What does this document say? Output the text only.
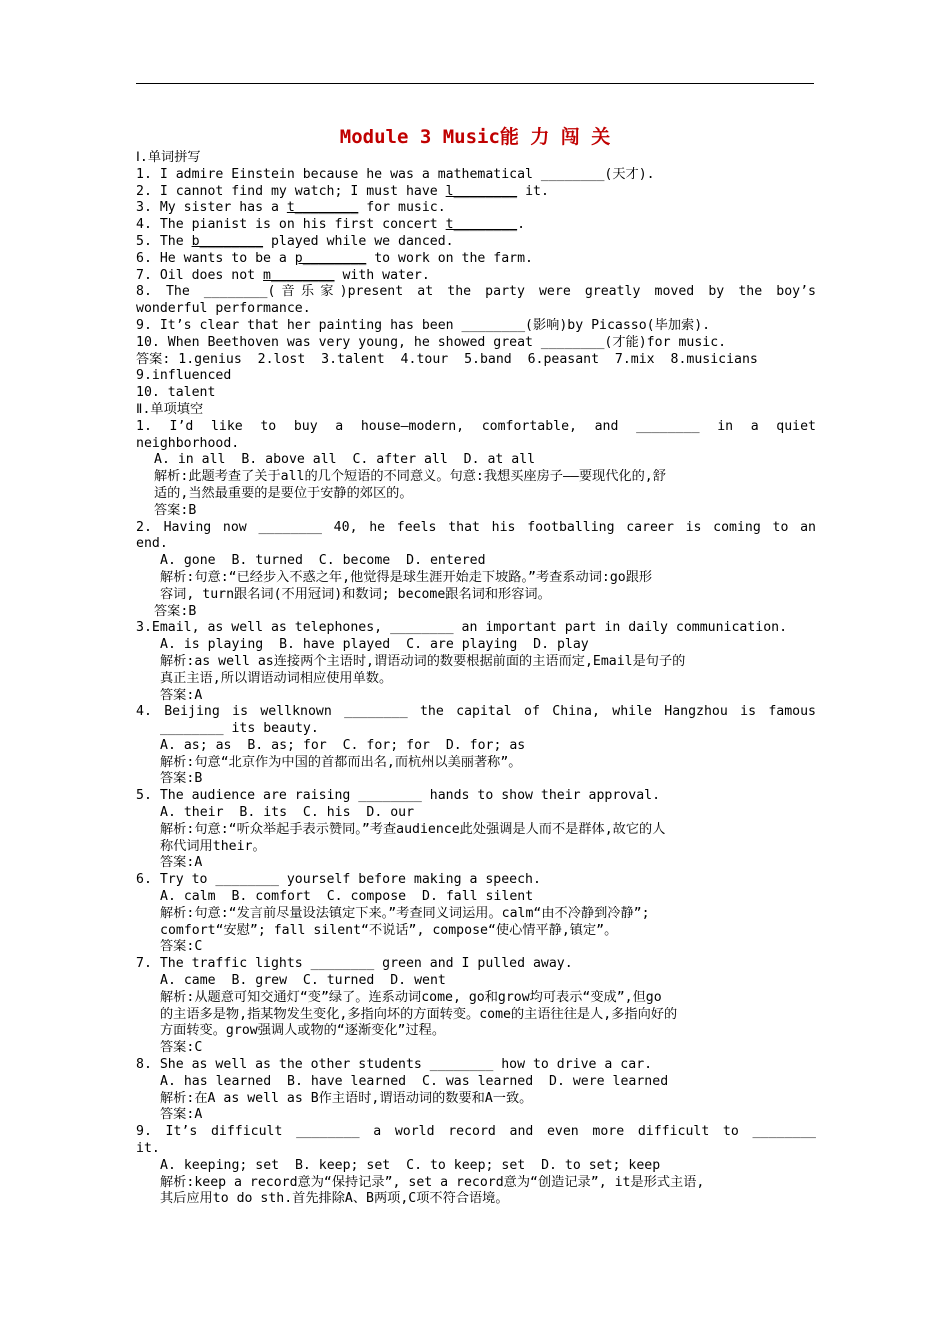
Module 3 Music能 力 闯 关
Ⅰ.单词拼写
1. I admire Einstein because he was a mathematical ________(天才).
2. I cannot find my watch; I must have l________ it.
3. My sister has a t________ for music.
4. The pianist is on his first concert t________.
5. The b________ played while we danced.
6. He wants to be a p________ to work on the farm.
7. Oil does not m________ with water.
8. The ________(音乐家)present at the party were greatly moved by the boy’s
wonderful performance.
9. It’s clear that her painting has been ________(影响)by Picasso(毕加索).
10. When Beethoven was very young, he showed great ________(才能)for music.
答案: 1.genius  2.lost  3.talent  4.tour  5.band  6.peasant  7.mix  8.musicians
9.influenced
10. talent
Ⅱ.单项填空
1. I’d like to buy a house—modern, comfortable, and ________ in a quiet
neighborhood.
A. in all  B. above all  C. after all  D. at all
解析:此题考查了关于all的几个短语的不同意义。句意:我想买座房子——要现代化的,舒
适的,当然最重要的是要位于安静的郊区的。
答案:B
2. Having now ________ 40, he feels that his footballing career is coming to an
end.
A. gone  B. turned  C. become  D. entered
解析:句意:“已经步入不惑之年,他觉得是球生涯开始走下坡路。”考查系动词:go跟形
容词, turn跟名词(不用冠词)和数词; become跟名词和形容词。
答案:B
3.Email, as well as telephones, ________ an important part in daily communication.
A. is playing  B. have played  C. are playing  D. play
解析:as well as连接两个主语时,谓语动词的数要根据前面的主语而定,Email是句子的
真正主语,所以谓语动词相应使用单数。
答案:A
4. Beijing is wellknown ________ the capital of China, while Hangzhou is famous
________ its beauty.
A. as; as  B. as; for  C. for; for  D. for; as
解析:句意“北京作为中国的首都而出名,而杭州以美丽著称”。
答案:B
5. The audience are raising ________ hands to show their approval.
A. their  B. its  C. his  D. our
解析:句意:“听众举起手表示赞同。”考查audience此处强调是人而不是群体,故它的人
称代词用their。
答案:A
6. Try to ________ yourself before making a speech.
A. calm  B. comfort  C. compose  D. fall silent
解析:句意:“发言前尽量设法镇定下来。”考查同义词运用。calm“由不冷静到冷静”;
comfort“安慰”; fall silent“不说话”, compose“使心情平静,镇定”。
答案:C
7. The traffic lights ________ green and I pulled away.
A. came  B. grew  C. turned  D. went
解析:从题意可知交通灯“变”绿了。连系动词come, go和grow均可表示“变成”,但go
的主语多是物,指某物发生变化,多指向坏的方面转变。come的主语往往是人,多指向好的
方面转变。grow强调人或物的“逐渐变化”过程。
答案:C
8. She as well as the other students ________ how to drive a car.
A. has learned  B. have learned  C. was learned  D. were learned
解析:在A as well as B作主语时,谓语动词的数要和A一致。
答案:A
9. It’s difficult ________ a world record and even more difficult to ________
it.
A. keeping; set  B. keep; set  C. to keep; set  D. to set; keep
解析:keep a record意为“保持记录”, set a record意为“创造记录”, it是形式主语,
其后应用to do sth.首先排除A、B两项,C项不符合语境。
